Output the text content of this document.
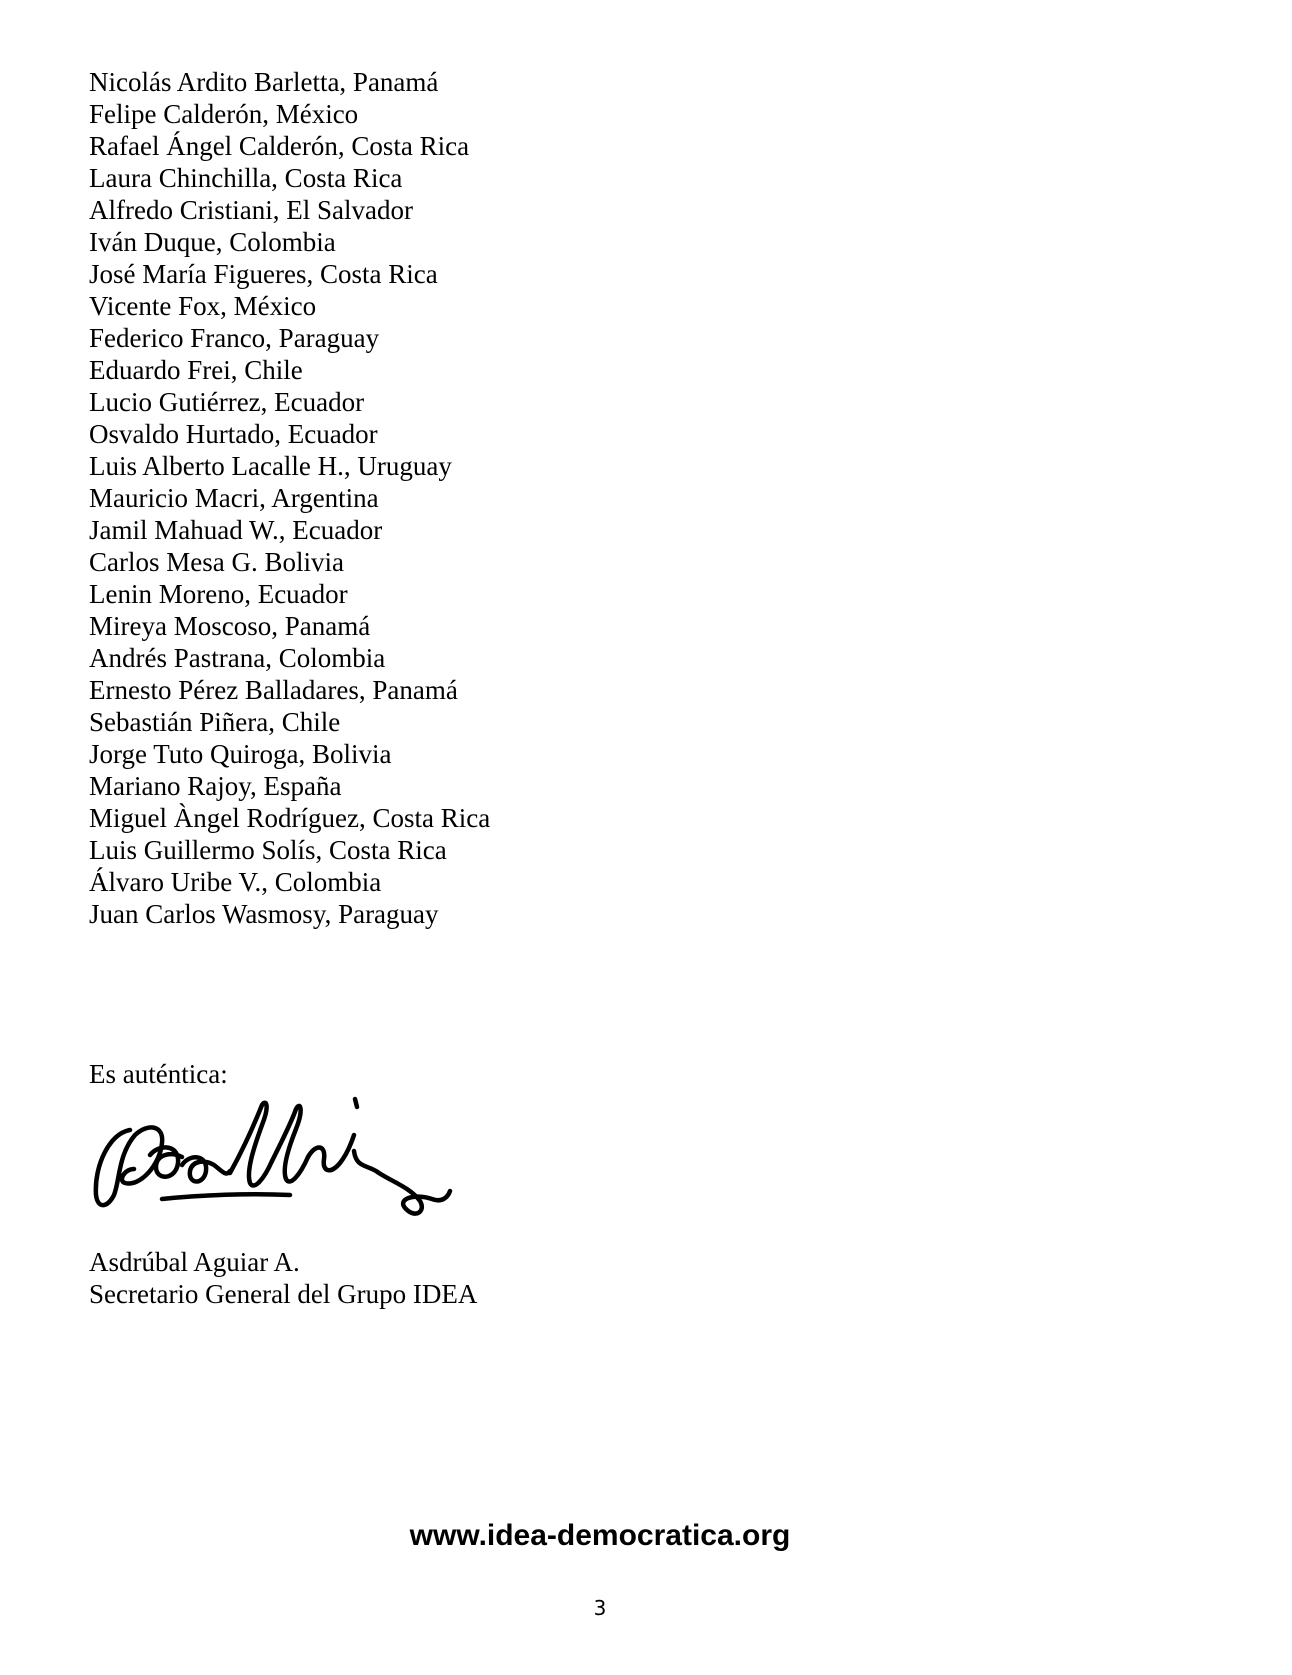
Nicolás Ardito Barletta, Panamá
Felipe Calderón, México
Rafael Ángel Calderón, Costa Rica
Laura Chinchilla, Costa Rica
Alfredo Cristiani, El Salvador
Iván Duque, Colombia
José María Figueres, Costa Rica
Vicente Fox, México
Federico Franco, Paraguay
Eduardo Frei, Chile
Lucio Gutiérrez, Ecuador
Osvaldo Hurtado, Ecuador
Luis Alberto Lacalle H., Uruguay
Mauricio Macri, Argentina
Jamil Mahuad W., Ecuador
Carlos Mesa G. Bolivia
Lenin Moreno, Ecuador
Mireya Moscoso, Panamá
Andrés Pastrana, Colombia
Ernesto Pérez Balladares, Panamá
Sebastián Piñera, Chile
Jorge Tuto Quiroga, Bolivia
Mariano Rajoy, España
Miguel Àngel Rodríguez, Costa Rica
Luis Guillermo Solís, Costa Rica
Álvaro Uribe V., Colombia
Juan Carlos Wasmosy, Paraguay
Es auténtica:
Asdrúbal Aguiar A.
Secretario General del Grupo IDEA
www.idea-democratica.org
3
